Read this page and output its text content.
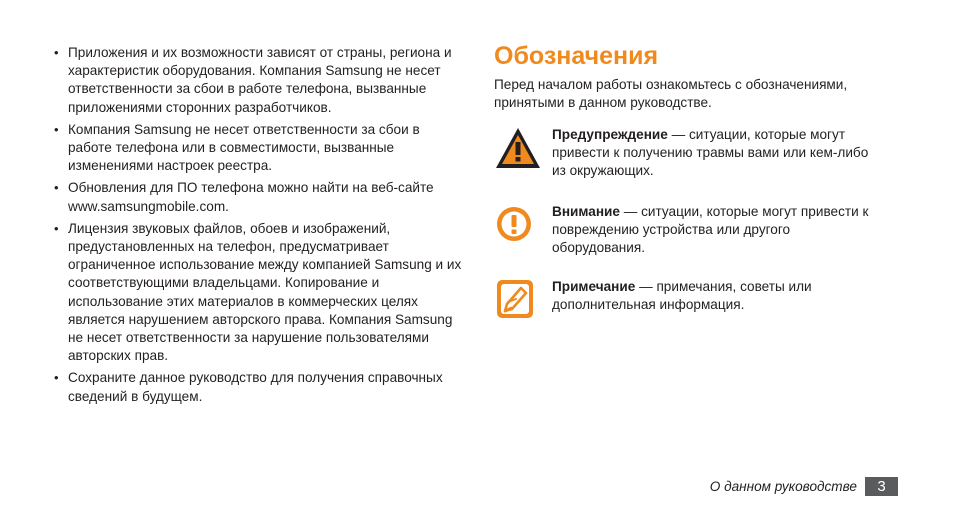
• Приложения и их возможности зависят от страны, региона и характеристик оборудования. Компания Samsung не несет ответственности за сбои в работе телефона, вызванные приложениями сторонних разработчиков.
• Компания Samsung не несет ответственности за сбои в работе телефона или в совместимости, вызванные изменениями настроек реестра.
• Обновления для ПО телефона можно найти на веб-сайте www.samsungmobile.com.
• Лицензия звуковых файлов, обоев и изображений, предустановленных на телефон, предусматривает ограниченное использование между компанией Samsung и их соответствующими владельцами. Копирование и использование этих материалов в коммерческих целях является нарушением авторского права. Компания Samsung не несет ответственности за нарушение пользователями авторских прав.
• Сохраните данное руководство для получения справочных сведений в будущем.
Обозначения

Перед началом работы ознакомьтесь с обозначениями, принятыми в данном руководстве.

Предупреждение — ситуации, которые могут привести к получению травмы вами или кем-либо из окружающих.
Внимание — ситуации, которые могут привести к повреждению устройства или другого оборудования.
Примечание — примечания, советы или дополнительная информация.
О данном руководстве	3
